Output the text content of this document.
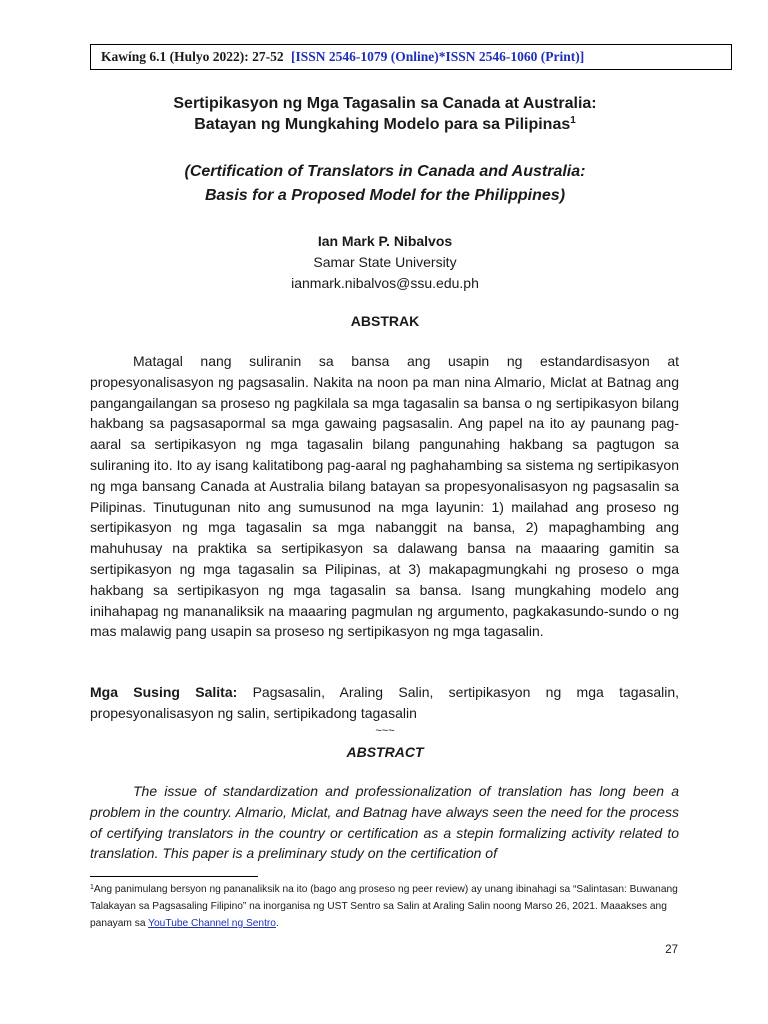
Kawíng 6.1 (Hulyo 2022): 27-52 [ISSN 2546-1079 (Online)*ISSN 2546-1060 (Print)]
Sertipikasyon ng Mga Tagasalin sa Canada at Australia:
Batayan ng Mungkahing Modelo para sa Pilipinas$^1$
(Certification of Translators in Canada and Australia:
Basis for a Proposed Model for the Philippines)
Ian Mark P. Nibalvos
Samar State University
ianmark.nibalvos@ssu.edu.ph
ABSTRAK

Matagal nang suliranin sa bansa ang usapin ng estandardisasyon at propesyonalisasyon ng pagsasalin. Nakita na noon pa man nina Almario, Miclat at Batnag ang pangangailangan sa proseso ng pagkilala sa mga tagasalin sa bansa o ng sertipikasyon bilang hakbang sa pagsasapormal sa mga gawaing pagsasalin. Ang papel na ito ay paunang pag-aaral sa sertipikasyon ng mga tagasalin bilang pangunahing hakbang sa pagtugon sa suliraning ito. Ito ay isang kalitatibong pag-aaral ng paghahambing sa sistema ng sertipikasyon ng mga bansang Canada at Australia bilang batayan sa propesyonalisasyon ng pagsasalin sa Pilipinas. Tinutugunan nito ang sumusunod na mga layunin: 1) mailahad ang proseso ng sertipikasyon ng mga tagasalin sa mga nabanggit na bansa, 2) mapaghambing ang mahuhusay na praktika sa sertipikasyon sa dalawang bansa na maaaring gamitin sa sertipikasyon ng mga tagasalin sa Pilipinas, at 3) makapagmungkahi ng proseso o mga hakbang sa sertipikasyon ng mga tagasalin sa bansa. Isang mungkahing modelo ang inihahapag ng mananaliksik na maaaring pagmulan ng argumento, pagkakasundo-sundo o ng mas malawig pang usapin sa proseso ng sertipikasyon ng mga tagasalin.

Mga Susing Salita: Pagsasalin, Araling Salin, sertipikasyon ng mga tagasalin, propesyonalisasyon ng salin, sertipikadong tagasalin

~~~
ABSTRACT

The issue of standardization and professionalization of translation has long been a problem in the country. Almario, Miclat, and Batnag have always seen the need for the process of certifying translators in the country or certification as a stepin formalizing activity related to translation. This paper is a preliminary study on the certification of

$^1$Ang panimulang bersyon ng pananaliksik na ito (bago ang proseso ng peer review) ay unang ibinahagi sa “Salintasan: Buwanang Talakayan sa Pagsasaling Filipino” na inorganisa ng UST Sentro sa Salin at Araling Salin noong Marso 26, 2021. Maaakses ang panayam sa YouTube Channel ng Sentro.

27
